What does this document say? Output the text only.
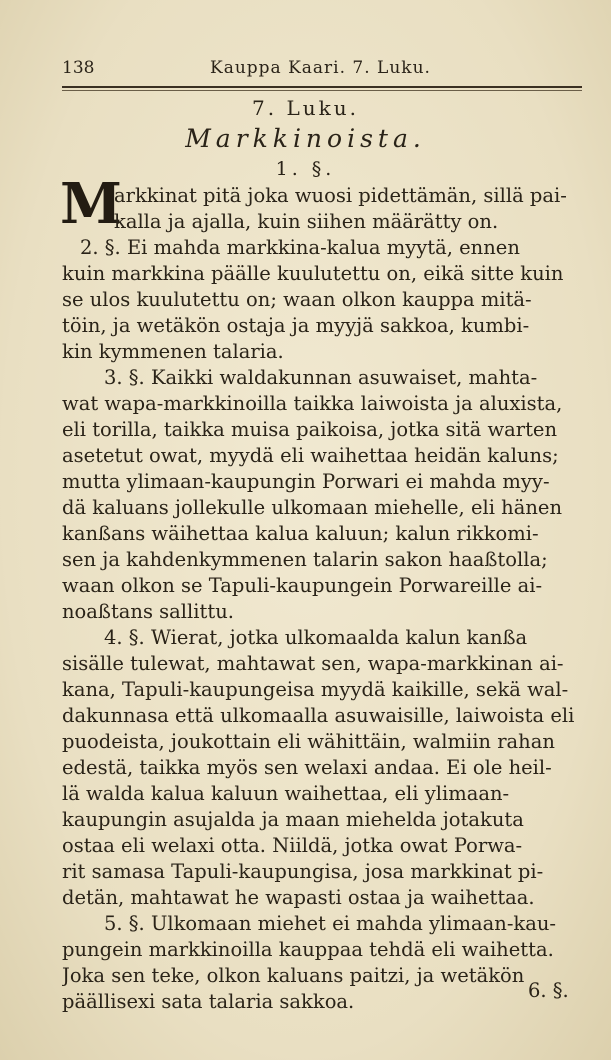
138	Kauppa Kaari. 7. Luku.
7. Luku.
Markkinoista.
1. §.
M
arkkinat pitä joka wuosi pidettämän, sillä pai-
kalla ja ajalla, kuin siihen määrätty on.
2. §. Ei mahda markkina-kalua myytä, ennen
kuin markkina päälle kuulutettu on, eikä sitte kuin
se ulos kuulutettu on; waan olkon kauppa mitä-
töin, ja wetäkön ostaja ja myyjä sakkoa, kumbi-
kin kymmenen talaria.
3. §. Kaikki waldakunnan asuwaiset, mahta-
wat wapa-markkinoilla taikka laiwoista ja aluxista,
eli torilla, taikka muisa paikoisa, jotka sitä warten
asetetut owat, myydä eli waihettaa heidän kaluns;
mutta ylimaan-kaupungin Porwari ei mahda myy-
dä kaluans jollekulle ulkomaan miehelle, eli hänen
kanßans wäihettaa kalua kaluun; kalun rikkomi-
sen ja kahdenkymmenen talarin sakon haaßtolla;
waan olkon se Tapuli-kaupungein Porwareille ai-
noaßtans sallittu.
4. §. Wierat, jotka ulkomaalda kalun kanßa
sisälle tulewat, mahtawat sen, wapa-markkinan ai-
kana, Tapuli-kaupungeisa myydä kaikille, sekä wal-
dakunnasa että ulkomaalla asuwaisille, laiwoista eli
puodeista, joukottain eli wähittäin, walmiin rahan
edestä, taikka myös sen welaxi andaa. Ei ole heil-
lä walda kalua kaluun waihettaa, eli ylimaan-
kaupungin asujalda ja maan miehelda jotakuta
ostaa eli welaxi otta. Niildä, jotka owat Porwa-
rit samasa Tapuli-kaupungisa, josa markkinat pi-
detän, mahtawat he wapasti ostaa ja waihettaa.
5. §. Ulkomaan miehet ei mahda ylimaan-kau-
pungein markkinoilla kauppaa tehdä eli waihetta.
Joka sen teke, olkon kaluans paitzi, ja wetäkön
päällisexi sata talaria sakkoa.	6. §.
